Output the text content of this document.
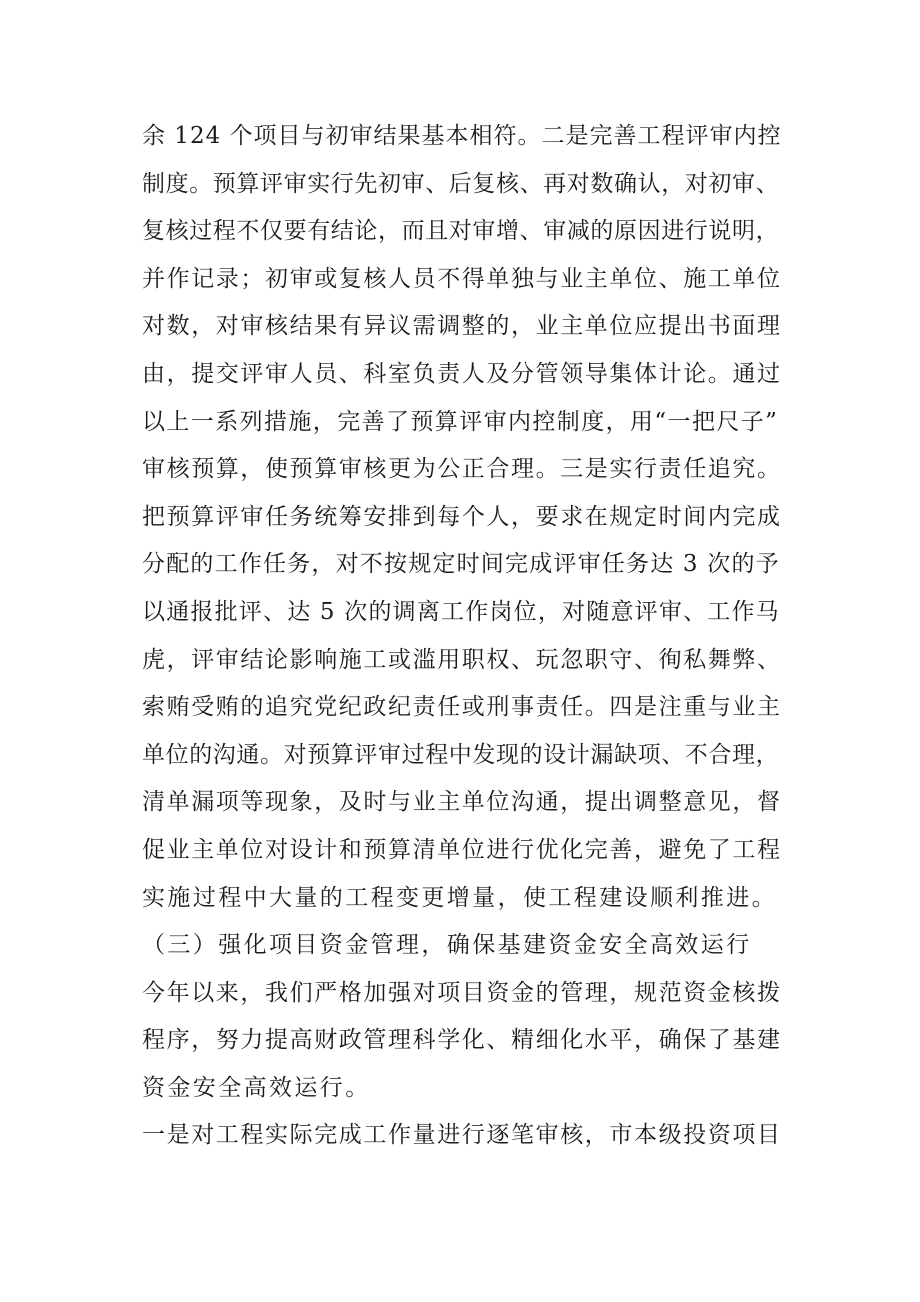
余 124 个项目与初审结果基本相符。二是完善工程评审内控
制度。预算评审实行先初审、后复核、再对数确认，对初审、
复核过程不仅要有结论，而且对审增、审减的原因进行说明，
并作记录；初审或复核人员不得单独与业主单位、施工单位
对数，对审核结果有异议需调整的，业主单位应提出书面理
由，提交评审人员、科室负责人及分管领导集体计论。通过
以上一系列措施，完善了预算评审内控制度，用“一把尺子”
审核预算，使预算审核更为公正合理。三是实行责任追究。
把预算评审任务统筹安排到每个人，要求在规定时间内完成
分配的工作任务，对不按规定时间完成评审任务达 3 次的予
以通报批评、达 5 次的调离工作岗位，对随意评审、工作马
虎，评审结论影响施工或滥用职权、玩忽职守、徇私舞弊、
索贿受贿的追究党纪政纪责任或刑事责任。四是注重与业主
单位的沟通。对预算评审过程中发现的设计漏缺项、不合理，
清单漏项等现象，及时与业主单位沟通，提出调整意见，督
促业主单位对设计和预算清单位进行优化完善，避免了工程
实施过程中大量的工程变更增量，使工程建设顺利推进。
（三）强化项目资金管理，确保基建资金安全高效运行
今年以来，我们严格加强对项目资金的管理，规范资金核拨
程序，努力提高财政管理科学化、精细化水平，确保了基建
资金安全高效运行。
一是对工程实际完成工作量进行逐笔审核，市本级投资项目
